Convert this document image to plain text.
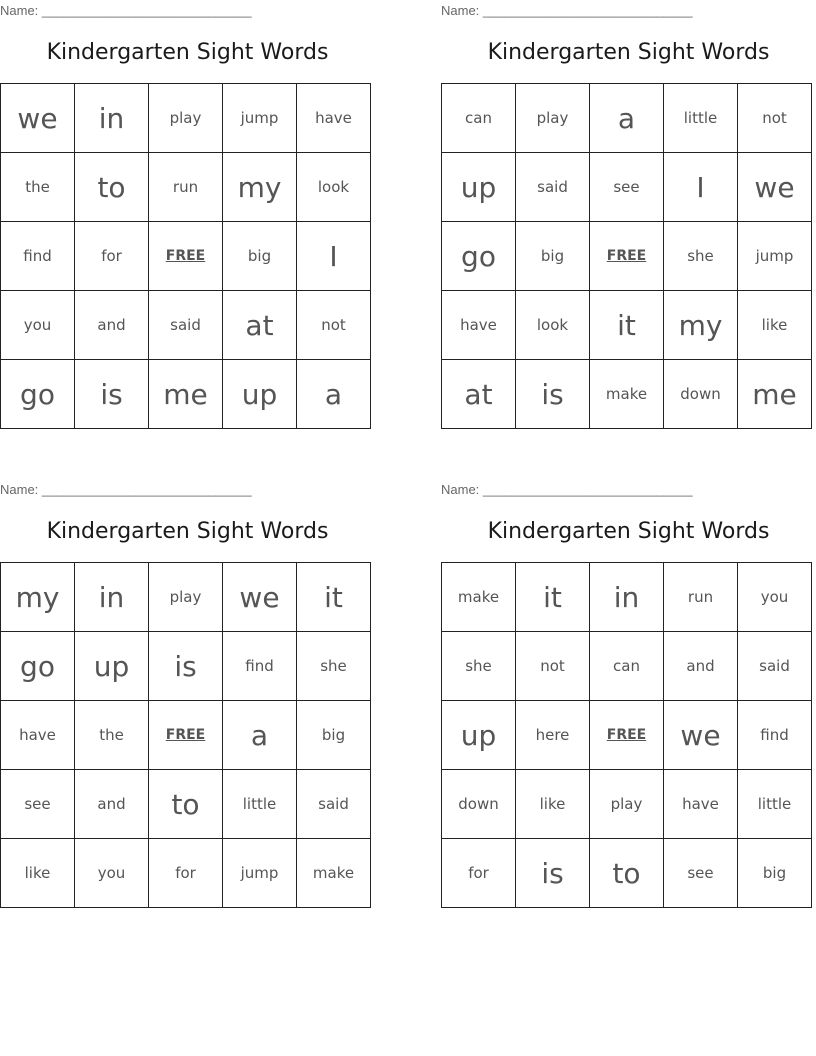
Name: _____________________________
Kindergarten Sight Words
we	in	play	jump	have
the	to	run	my	look
find	for	FREE	big	I
you	and	said	at	not
go	is	me	up	a
Name: _____________________________
Kindergarten Sight Words
can	play	a	little	not
up	said	see	I	we
go	big	FREE	she	jump
have	look	it	my	like
at	is	make	down	me
Name: _____________________________
Kindergarten Sight Words
my	in	play	we	it
go	up	is	find	she
have	the	FREE	a	big
see	and	to	little	said
like	you	for	jump	make
Name: _____________________________
Kindergarten Sight Words
make	it	in	run	you
she	not	can	and	said
up	here	FREE	we	find
down	like	play	have	little
for	is	to	see	big
